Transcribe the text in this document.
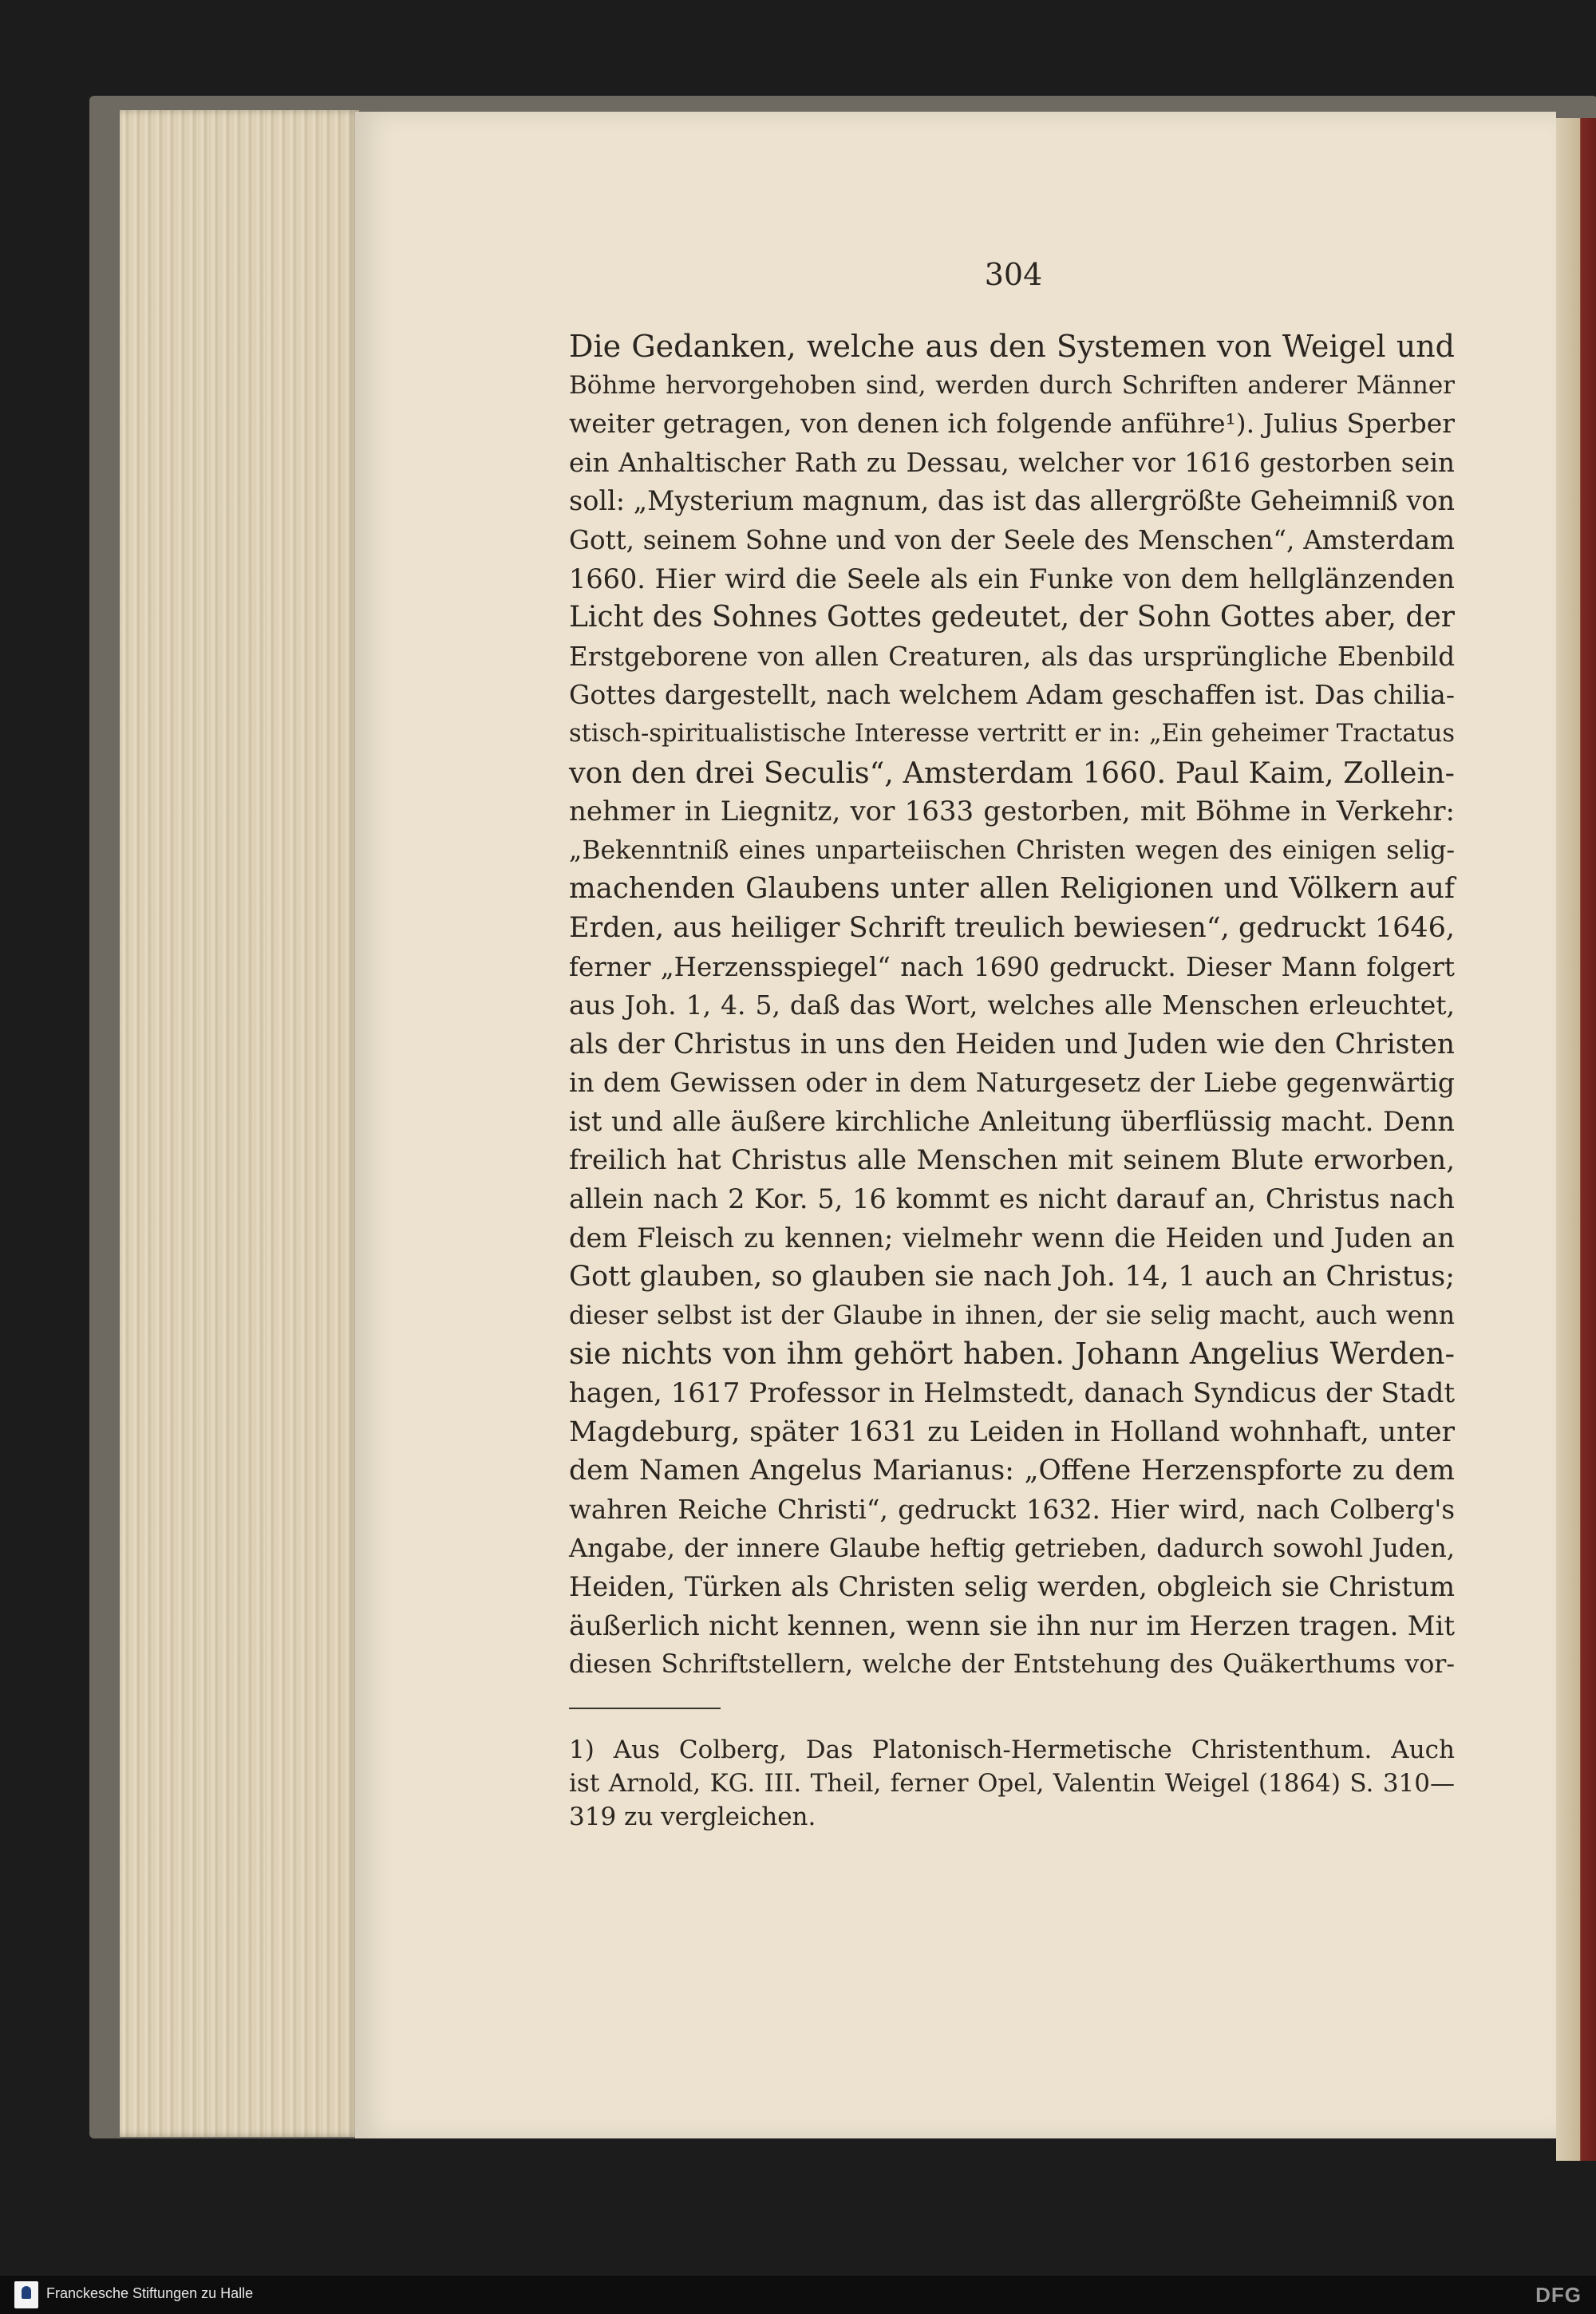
304
Die Gedanken, welche aus den Systemen von Weigel und
Böhme hervorgehoben sind, werden durch Schriften anderer Männer
weiter getragen, von denen ich folgende anführe¹). Julius Sperber
ein Anhaltischer Rath zu Dessau, welcher vor 1616 gestorben sein
soll: „Mysterium magnum, das ist das allergrößte Geheimniß von
Gott, seinem Sohne und von der Seele des Menschen“, Amsterdam
1660. Hier wird die Seele als ein Funke von dem hellglänzenden
Licht des Sohnes Gottes gedeutet, der Sohn Gottes aber, der
Erstgeborene von allen Creaturen, als das ursprüngliche Ebenbild
Gottes dargestellt, nach welchem Adam geschaffen ist. Das chilia-
stisch-spiritualistische Interesse vertritt er in: „Ein geheimer Tractatus
von den drei Seculis“, Amsterdam 1660. Paul Kaim, Zollein-
nehmer in Liegnitz, vor 1633 gestorben, mit Böhme in Verkehr:
„Bekenntniß eines unparteiischen Christen wegen des einigen selig-
machenden Glaubens unter allen Religionen und Völkern auf
Erden, aus heiliger Schrift treulich bewiesen“, gedruckt 1646,
ferner „Herzensspiegel“ nach 1690 gedruckt. Dieser Mann folgert
aus Joh. 1, 4. 5, daß das Wort, welches alle Menschen erleuchtet,
als der Christus in uns den Heiden und Juden wie den Christen
in dem Gewissen oder in dem Naturgesetz der Liebe gegenwärtig
ist und alle äußere kirchliche Anleitung überflüssig macht. Denn
freilich hat Christus alle Menschen mit seinem Blute erworben,
allein nach 2 Kor. 5, 16 kommt es nicht darauf an, Christus nach
dem Fleisch zu kennen; vielmehr wenn die Heiden und Juden an
Gott glauben, so glauben sie nach Joh. 14, 1 auch an Christus;
dieser selbst ist der Glaube in ihnen, der sie selig macht, auch wenn
sie nichts von ihm gehört haben. Johann Angelius Werden-
hagen, 1617 Professor in Helmstedt, danach Syndicus der Stadt
Magdeburg, später 1631 zu Leiden in Holland wohnhaft, unter
dem Namen Angelus Marianus: „Offene Herzenspforte zu dem
wahren Reiche Christi“, gedruckt 1632. Hier wird, nach Colberg's
Angabe, der innere Glaube heftig getrieben, dadurch sowohl Juden,
Heiden, Türken als Christen selig werden, obgleich sie Christum
äußerlich nicht kennen, wenn sie ihn nur im Herzen tragen. Mit
diesen Schriftstellern, welche der Entstehung des Quäkerthums vor-
1) Aus Colberg, Das Platonisch-Hermetische Christenthum. Auch
ist Arnold, KG. III. Theil, ferner Opel, Valentin Weigel (1864) S. 310—
319 zu vergleichen.
Franckesche Stiftungen zu Halle	DFG
